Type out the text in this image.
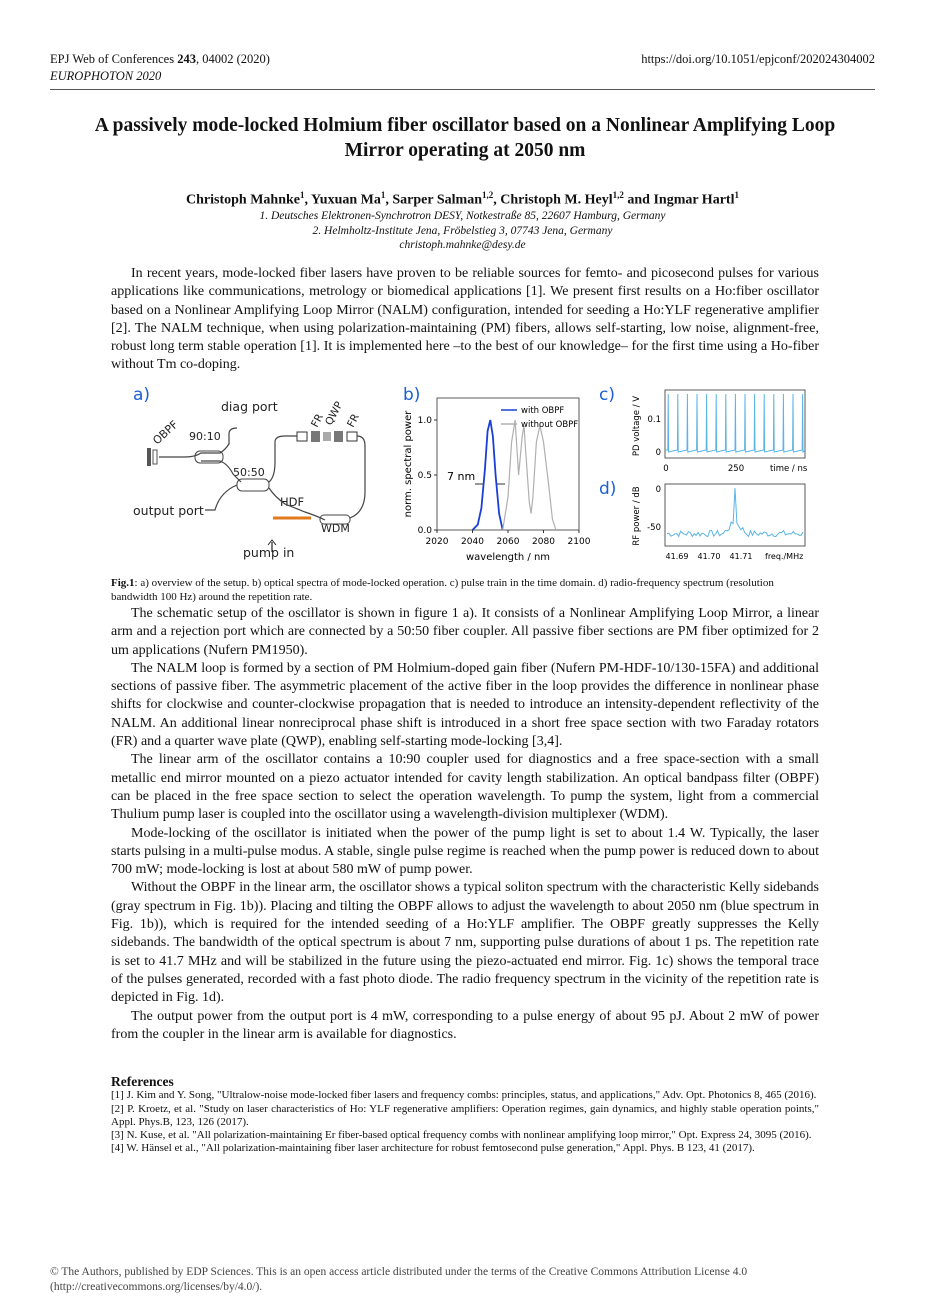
EPJ Web of Conferences 243, 04002 (2020)	https://doi.org/10.1051/epjconf/202024304002
EUROPHOTON 2020
A passively mode-locked Holmium fiber oscillator based on a Nonlinear Amplifying Loop Mirror operating at 2050 nm
Christoph Mahnke$^1$, Yuxuan Ma$^1$, Sarper Salman$^{1,2}$, Christoph M. Heyl$^{1,2}$ and Ingmar Hartl$^1$
1. Deutsches Elektronen-Synchrotron DESY, Notkestraße 85, 22607 Hamburg, Germany
2. Helmholtz-Institute Jena, Fröbelstieg 3, 07743 Jena, Germany
christoph.mahnke@desy.de

In recent years, mode-locked fiber lasers have proven to be reliable sources for femto- and picosecond pulses for various applications like communications, metrology or biomedical applications [1]. We present first results on a Ho:fiber oscillator based on a Nonlinear Amplifying Loop Mirror (NALM) configuration, intended for seeding a Ho:YLF regenerative amplifier [2]. The NALM technique, when using polarization-maintaining (PM) fibers, allows self-starting, low noise, alignment-free, robust long term stable operation [1]. It is implemented here –to the best of our knowledge– for the first time using a Ho-fiber without Tm co-doping.

a)
diag port
OBPF 90:10
50:50
output port
HDF
WDM
pump in
FR
QWP FR
b)
2020 2040 2060 2080 2100
0.0
0.5
1.0
wavelength / nm
norm. spectral power	with OBPF
without OBPF
7 nm
c)
0.1
0
0	250	time / ns
PD voltage / V
d)	0
-50
41.69 41.70 41.71 freq./MHz
RF power / dB
Fig.1: a) overview of the setup. b) optical spectra of mode-locked operation. c) pulse train in the time domain. d) radio-frequency spectrum (resolution bandwidth 100 Hz) around the repetition rate.

The schematic setup of the oscillator is shown in figure 1 a). It consists of a Nonlinear Amplifying Loop Mirror, a linear arm and a rejection port which are connected by a 50:50 fiber coupler. All passive fiber sections are PM fiber optimized for 2 um applications (Nufern PM1950).

The NALM loop is formed by a section of PM Holmium-doped gain fiber (Nufern PM-HDF-10/130-15FA) and additional sections of passive fiber. The asymmetric placement of the active fiber in the loop provides the difference in nonlinear phase shifts for clockwise and counter-clockwise propagation that is needed to introduce an intensity-dependent reflectivity of the NALM. An additional linear nonreciprocal phase shift is introduced in a short free space section with two Faraday rotators (FR) and a quarter wave plate (QWP), enabling self-starting mode-locking [3,4].

The linear arm of the oscillator contains a 10:90 coupler used for diagnostics and a free space-section with a small metallic end mirror mounted on a piezo actuator intended for cavity length stabilization. An optical bandpass filter (OBPF) can be placed in the free space section to select the operation wavelength. To pump the system, light from a commercial Thulium pump laser is coupled into the oscillator using a wavelength-division multiplexer (WDM).

Mode-locking of the oscillator is initiated when the power of the pump light is set to about 1.4 W. Typically, the laser starts pulsing in a multi-pulse modus. A stable, single pulse regime is reached when the pump power is reduced down to about 700 mW; mode-locking is lost at about 580 mW of pump power.

Without the OBPF in the linear arm, the oscillator shows a typical soliton spectrum with the characteristic Kelly sidebands (gray spectrum in Fig. 1b)). Placing and tilting the OBPF allows to adjust the wavelength to about 2050 nm (blue spectrum in Fig. 1b)), which is required for the intended seeding of a Ho:YLF amplifier. The OBPF greatly suppresses the Kelly sidebands. The bandwidth of the optical spectrum is about 7 nm, supporting pulse durations of about 1 ps. The repetition rate is set to 41.7 MHz and will be stabilized in the future using the piezo-actuated end mirror. Fig. 1c) shows the temporal trace of the pulses generated, recorded with a fast photo diode. The radio frequency spectrum in the vicinity of the repetition rate is depicted in Fig. 1d).

The output power from the output port is 4 mW, corresponding to a pulse energy of about 95 pJ. About 2 mW of power from the coupler in the linear arm is available for diagnostics.

References
[1] J. Kim and Y. Song, "Ultralow-noise mode-locked fiber lasers and frequency combs: principles, status, and applications," Adv. Opt. Photonics 8, 465 (2016).
[2] P. Kroetz, et al. "Study on laser characteristics of Ho: YLF regenerative amplifiers: Operation regimes, gain dynamics, and highly stable operation points," Appl. Phys.B, 123, 126 (2017).
[3] N. Kuse, et al. "All polarization-maintaining Er fiber-based optical frequency combs with nonlinear amplifying loop mirror," Opt. Express 24, 3095 (2016).
[4] W. Hänsel et al., "All polarization-maintaining fiber laser architecture for robust femtosecond pulse generation," Appl. Phys. B 123, 41 (2017).
© The Authors, published by EDP Sciences. This is an open access article distributed under the terms of the Creative Commons Attribution License 4.0 (http://creativecommons.org/licenses/by/4.0/).
